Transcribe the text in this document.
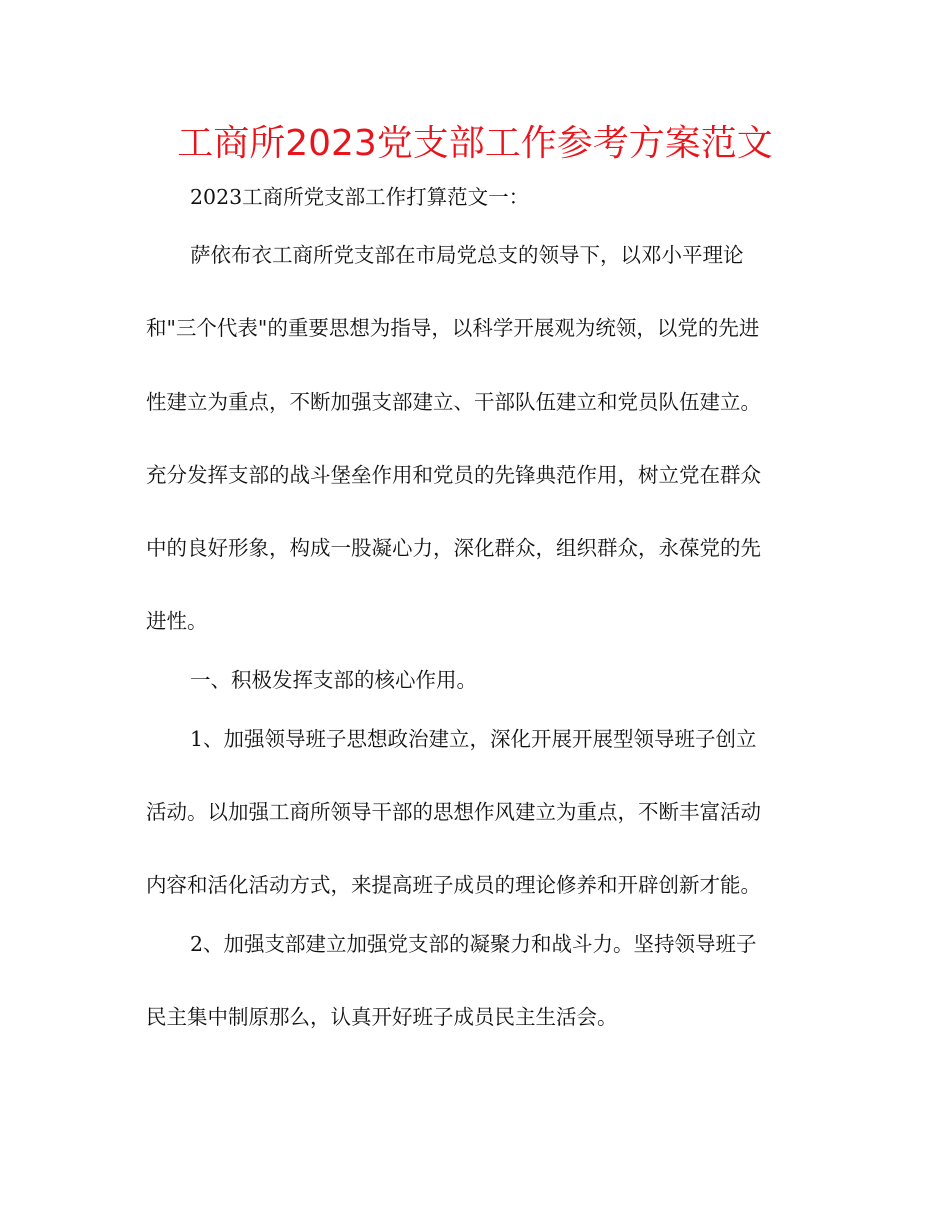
工商所2023党支部工作参考方案范文
2023工商所党支部工作打算范文一：
萨依布衣工商所党支部在市局党总支的领导下，以邓小平理论
和"三个代表"的重要思想为指导，以科学开展观为统领，以党的先进
性建立为重点，不断加强支部建立、干部队伍建立和党员队伍建立。
充分发挥支部的战斗堡垒作用和党员的先锋典范作用，树立党在群众
中的良好形象，构成一股凝心力，深化群众，组织群众，永葆党的先
进性。
一、积极发挥支部的核心作用。
1、加强领导班子思想政治建立，深化开展开展型领导班子创立
活动。以加强工商所领导干部的思想作风建立为重点，不断丰富活动
内容和活化活动方式，来提高班子成员的理论修养和开辟创新才能。
2、加强支部建立加强党支部的凝聚力和战斗力。坚持领导班子
民主集中制原那么，认真开好班子成员民主生活会。
